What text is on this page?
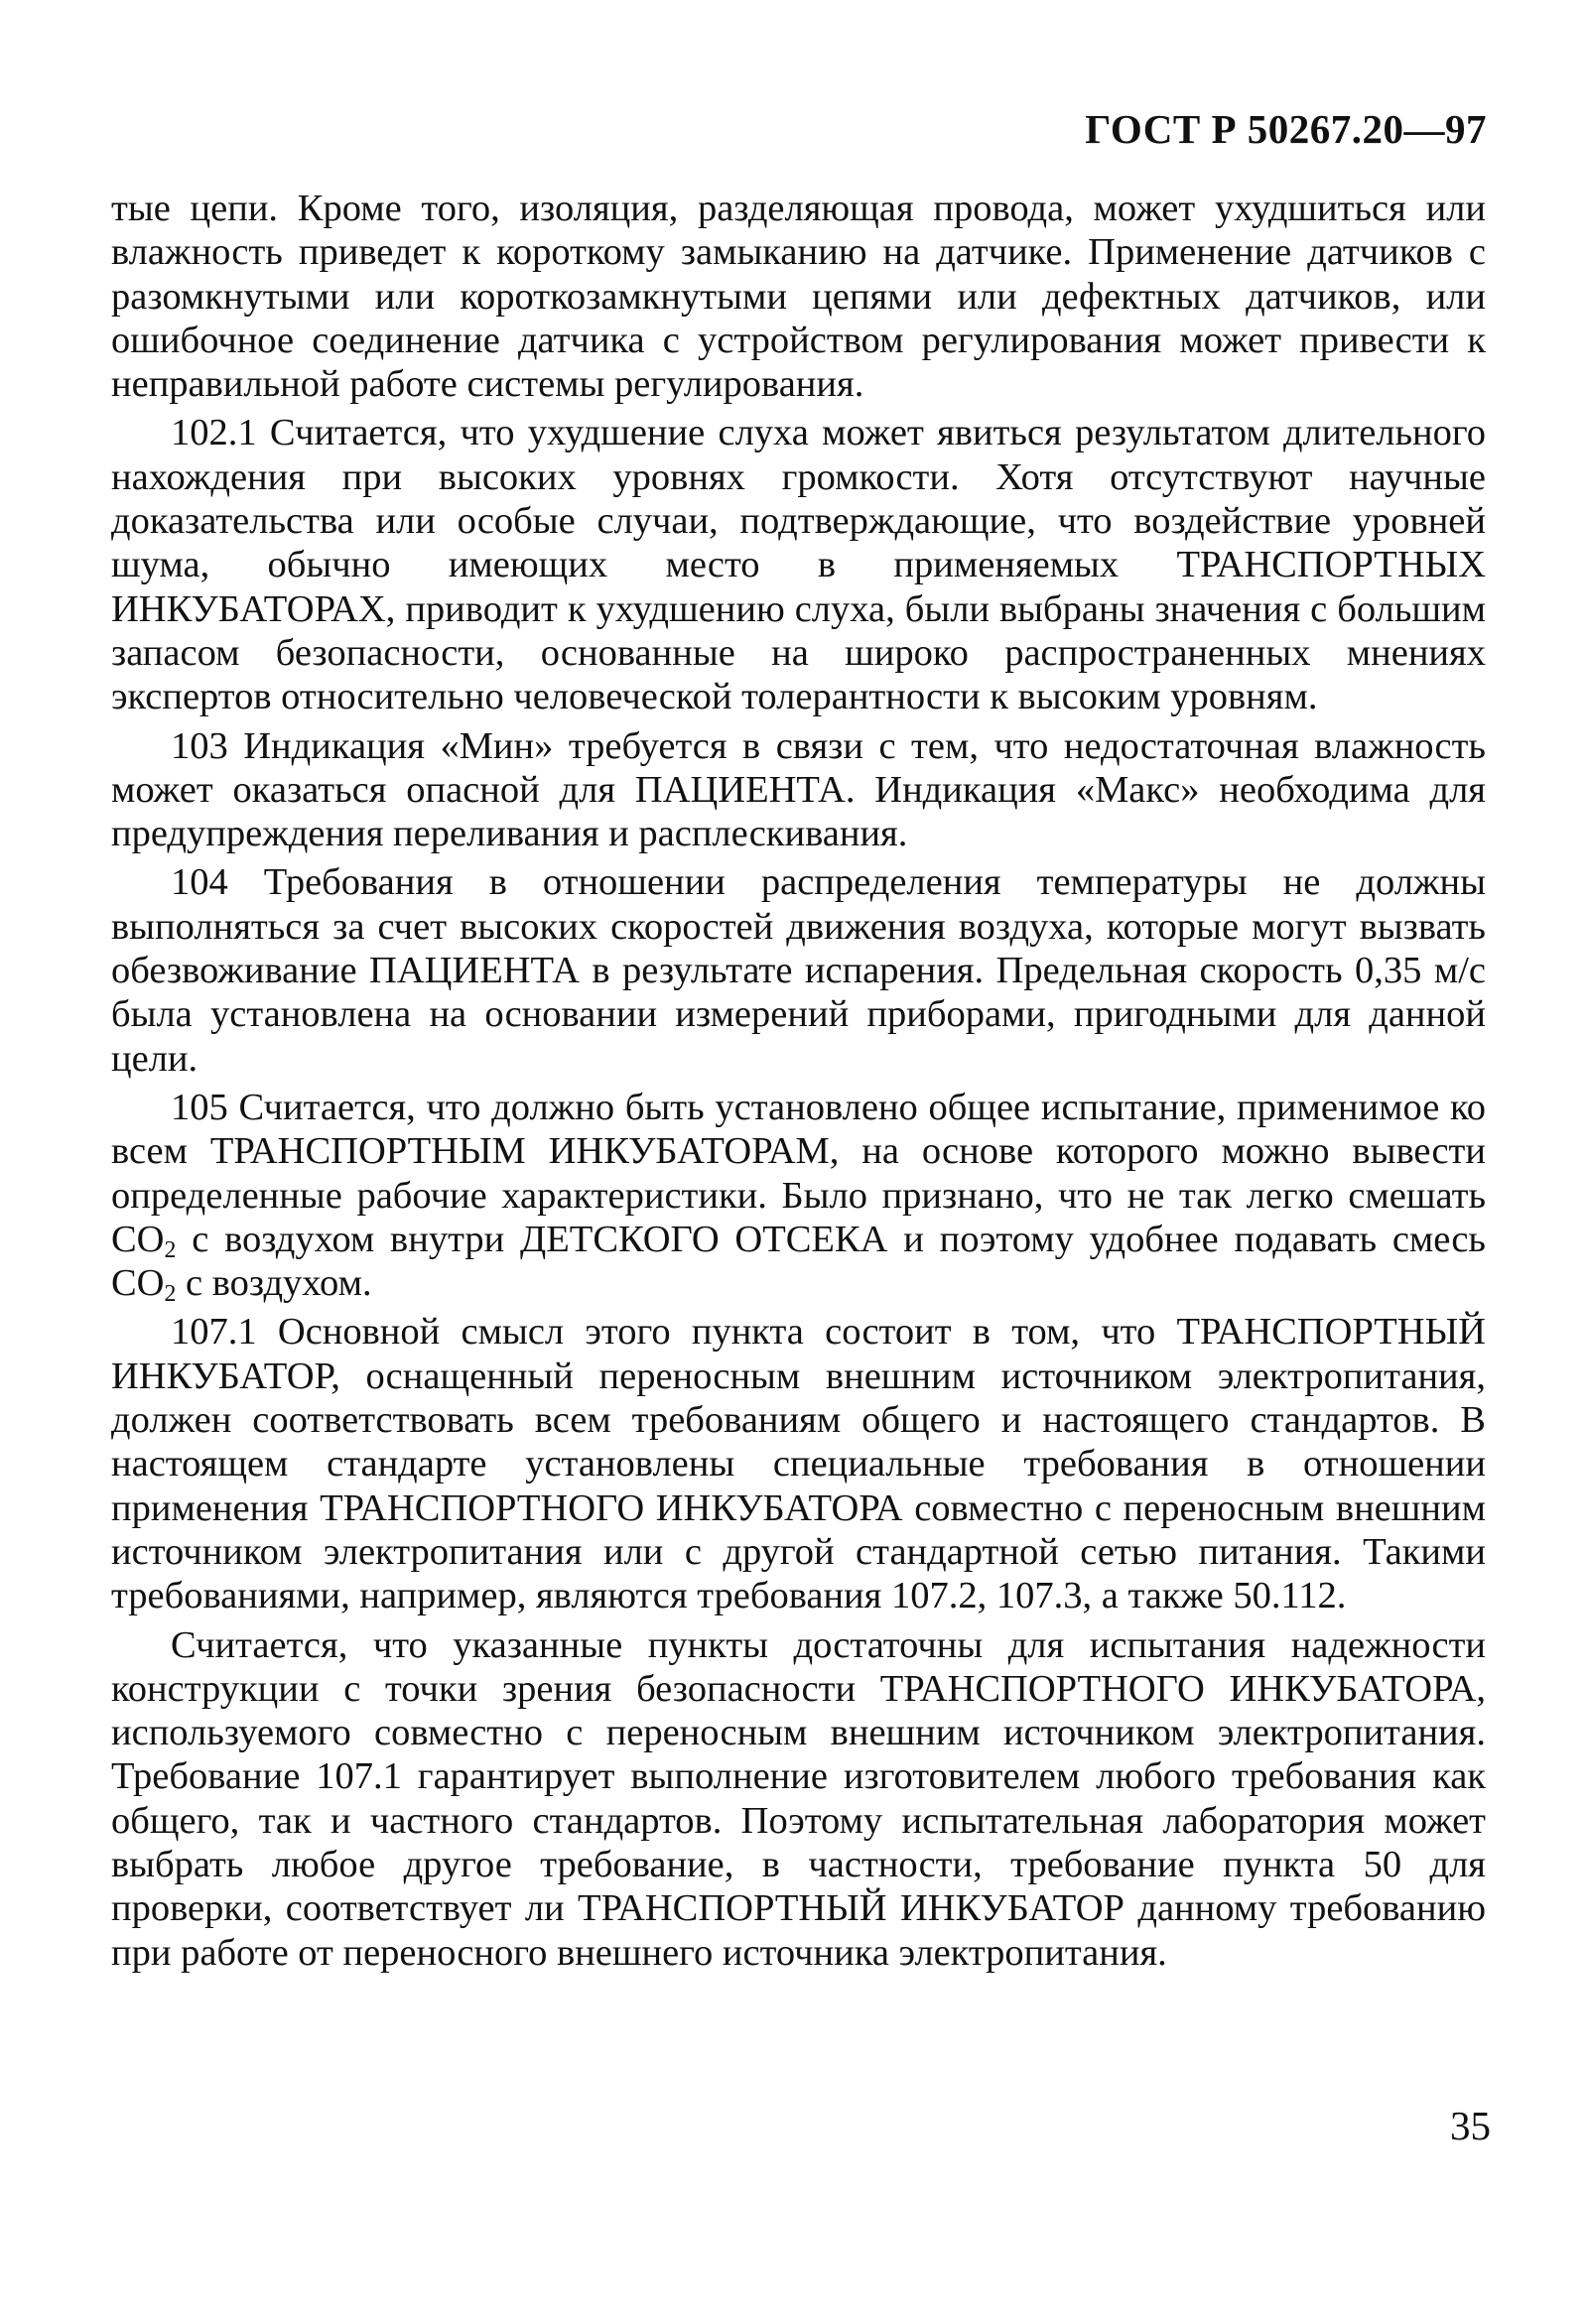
ГОСТ Р 50267.20—97

тые цепи. Кроме того, изоляция, разделяющая провода, может ухудшиться или влажность приведет к короткому замыканию на датчике. Применение датчиков с разомкнутыми или короткозамкнутыми цепями или дефектных датчиков, или ошибочное соединение датчика с устройством регулирования может привести к неправильной работе системы регулирования.

102.1 Считается, что ухудшение слуха может явиться результатом длительного нахождения при высоких уровнях громкости. Хотя отсутствуют научные доказательства или особые случаи, подтверждающие, что воздействие уровней шума, обычно имеющих место в применяемых ТРАНСПОРТНЫХ ИНКУБАТОРАХ, приводит к ухудшению слуха, были выбраны значения с большим запасом безопасности, основанные на широко распространенных мнениях экспертов относительно человеческой толерантности к высоким уровням.

103 Индикация «Мин» требуется в связи с тем, что недостаточная влажность может оказаться опасной для ПАЦИЕНТА. Индикация «Макс» необходима для предупреждения переливания и расплескивания.

104 Требования в отношении распределения температуры не должны выполняться за счет высоких скоростей движения воздуха, которые могут вызвать обезвоживание ПАЦИЕНТА в результате испарения. Предельная скорость 0,35 м/с была установлена на основании измерений приборами, пригодными для данной цели.

105 Считается, что должно быть установлено общее испытание, применимое ко всем ТРАНСПОРТНЫМ ИНКУБАТОРАМ, на основе которого можно вывести определенные рабочие характеристики. Было признано, что не так легко смешать $СО_2$ с воздухом внутри ДЕТСКОГО ОТСЕКА и поэтому удобнее подавать смесь $СО_2$ с воздухом.

107.1 Основной смысл этого пункта состоит в том, что ТРАНСПОРТНЫЙ ИНКУБАТОР, оснащенный переносным внешним источником электропитания, должен соответствовать всем требованиям общего и настоящего стандартов. В настоящем стандарте установлены специальные требования в отношении применения ТРАНСПОРТНОГО ИНКУБАТОРА совместно с переносным внешним источником электропитания или с другой стандартной сетью питания. Такими требованиями, например, являются требования 107.2, 107.3, а также 50.112.

Считается, что указанные пункты достаточны для испытания надежности конструкции с точки зрения безопасности ТРАНСПОРТНОГО ИНКУБАТОРА, используемого совместно с переносным внешним источником электропитания. Требование 107.1 гарантирует выполнение изготовителем любого требования как общего, так и частного стандартов. Поэтому испытательная лаборатория может выбрать любое другое требование, в частности, требование пункта 50 для проверки, соответствует ли ТРАНСПОРТНЫЙ ИНКУБАТОР данному требованию при работе от переносного внешнего источника электропитания.

35
